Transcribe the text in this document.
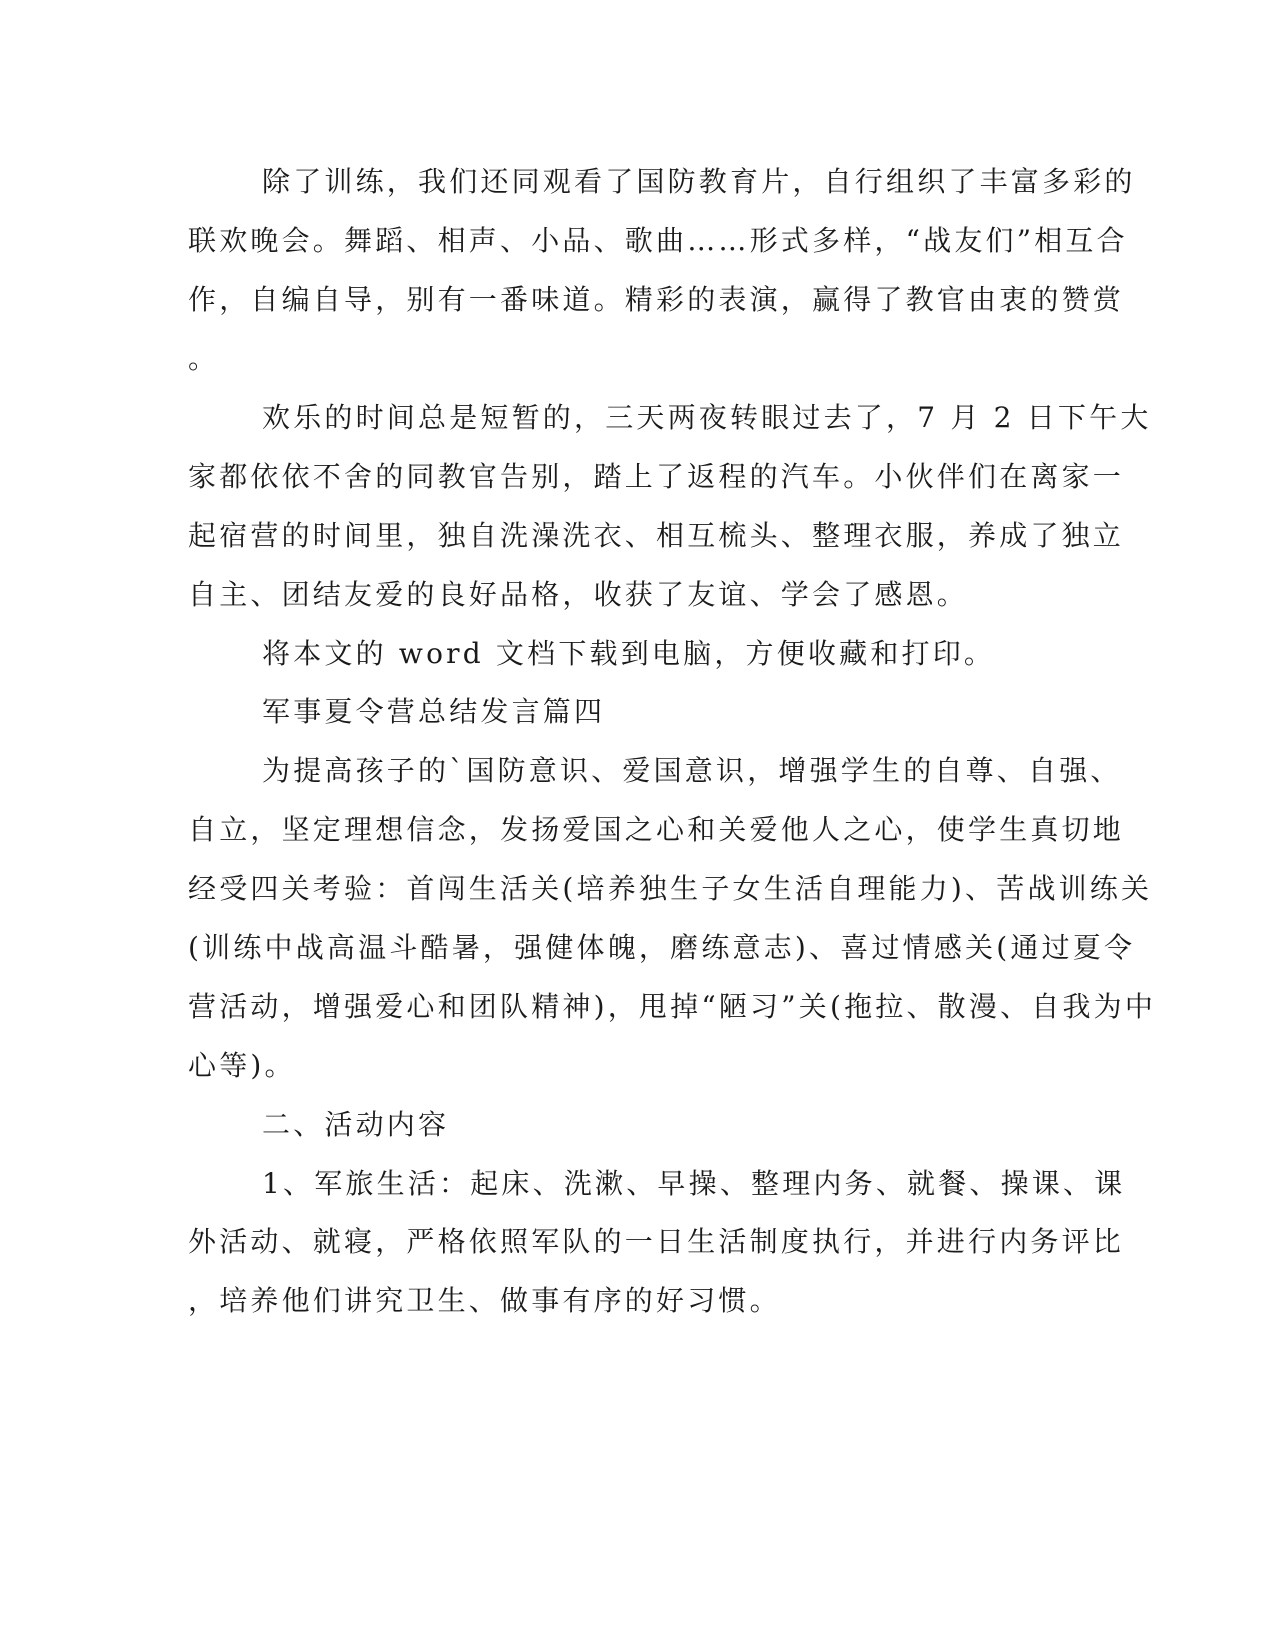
除了训练，我们还同观看了国防教育片，自行组织了丰富多彩的
联欢晚会。舞蹈、相声、小品、歌曲……形式多样，“战友们”相互合
作，自编自导，别有一番味道。精彩的表演，赢得了教官由衷的赞赏
。
欢乐的时间总是短暂的，三天两夜转眼过去了，7 月 2 日下午大
家都依依不舍的同教官告别，踏上了返程的汽车。小伙伴们在离家一
起宿营的时间里，独自洗澡洗衣、相互梳头、整理衣服，养成了独立
自主、团结友爱的良好品格，收获了友谊、学会了感恩。
将本文的 word 文档下载到电脑，方便收藏和打印。
军事夏令营总结发言篇四
为提高孩子的`国防意识、爱国意识，增强学生的自尊、自强、
自立，坚定理想信念，发扬爱国之心和关爱他人之心，使学生真切地
经受四关考验：首闯生活关(培养独生子女生活自理能力)、苦战训练关
(训练中战高温斗酷暑，强健体魄，磨练意志)、喜过情感关(通过夏令
营活动，增强爱心和团队精神)，甩掉“陋习”关(拖拉、散漫、自我为中
心等)。
二、活动内容
1、军旅生活：起床、洗漱、早操、整理内务、就餐、操课、课
外活动、就寝，严格依照军队的一日生活制度执行，并进行内务评比
，培养他们讲究卫生、做事有序的好习惯。
